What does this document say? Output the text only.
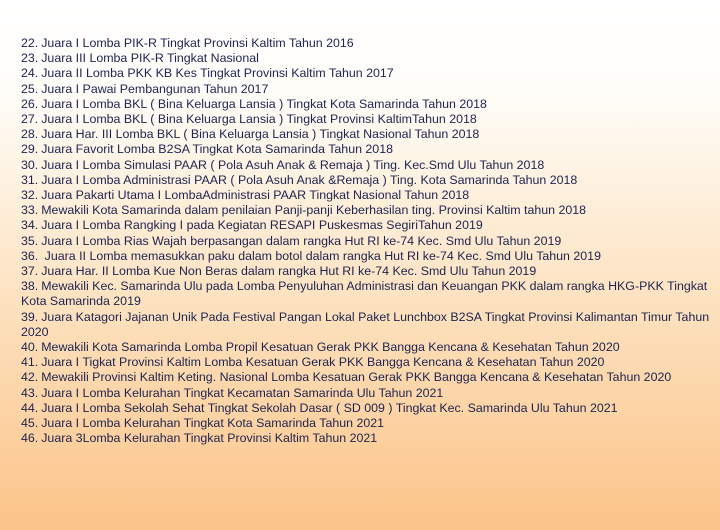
22. Juara I Lomba PIK-R Tingkat Provinsi Kaltim Tahun 2016
23. Juara III Lomba PIK-R Tingkat Nasional
24. Juara II Lomba PKK KB Kes Tingkat Provinsi Kaltim Tahun 2017
25. Juara I Pawai Pembangunan Tahun 2017
26. Juara I Lomba BKL ( Bina Keluarga Lansia ) Tingkat Kota Samarinda Tahun 2018
27. Juara I Lomba BKL ( Bina Keluarga Lansia ) Tingkat Provinsi KaltimTahun 2018
28. Juara Har. III Lomba BKL ( Bina Keluarga Lansia ) Tingkat Nasional Tahun 2018
29. Juara Favorit Lomba B2SA Tingkat Kota Samarinda Tahun 2018
30. Juara I Lomba Simulasi PAAR ( Pola Asuh Anak & Remaja ) Ting. Kec.Smd Ulu Tahun 2018
31. Juara I Lomba Administrasi PAAR ( Pola Asuh Anak &Remaja ) Ting. Kota Samarinda Tahun 2018
32. Juara Pakarti Utama I LombaAdministrasi PAAR Tingkat Nasional Tahun 2018
33. Mewakili Kota Samarinda dalam penilaian Panji-panji Keberhasilan ting. Provinsi Kaltim tahun 2018
34. Juara I Lomba Rangking I pada Kegiatan RESAPI Puskesmas SegiriTahun 2019
35. Juara I Lomba Rias Wajah berpasangan dalam rangka Hut RI ke-74 Kec. Smd Ulu Tahun 2019
36. Juara II Lomba memasukkan paku dalam botol dalam rangka Hut RI ke-74 Kec. Smd Ulu Tahun 2019
37. Juara Har. II Lomba Kue Non Beras dalam rangka Hut RI ke-74 Kec. Smd Ulu Tahun 2019
38. Mewakili Kec. Samarinda Ulu pada Lomba Penyuluhan Administrasi dan Keuangan PKK dalam rangka HKG-PKK Tingkat Kota Samarinda 2019
39. Juara Katagori Jajanan Unik Pada Festival Pangan Lokal Paket Lunchbox B2SA Tingkat Provinsi Kalimantan Timur Tahun 2020
40. Mewakili Kota Samarinda Lomba Propil Kesatuan Gerak PKK Bangga Kencana & Kesehatan Tahun 2020
41. Juara I Tigkat Provinsi Kaltim Lomba Kesatuan Gerak PKK Bangga Kencana & Kesehatan Tahun 2020
42. Mewakili Provinsi Kaltim Keting. Nasional Lomba Kesatuan Gerak PKK Bangga Kencana & Kesehatan Tahun 2020
43. Juara I Lomba Kelurahan Tingkat Kecamatan Samarinda Ulu Tahun 2021
44. Juara I Lomba Sekolah Sehat Tingkat Sekolah Dasar ( SD 009 ) Tingkat Kec. Samarinda Ulu Tahun 2021
45. Juara I Lomba Kelurahan Tingkat Kota Samarinda Tahun 2021
46. Juara 3Lomba Kelurahan Tingkat Provinsi Kaltim Tahun 2021
